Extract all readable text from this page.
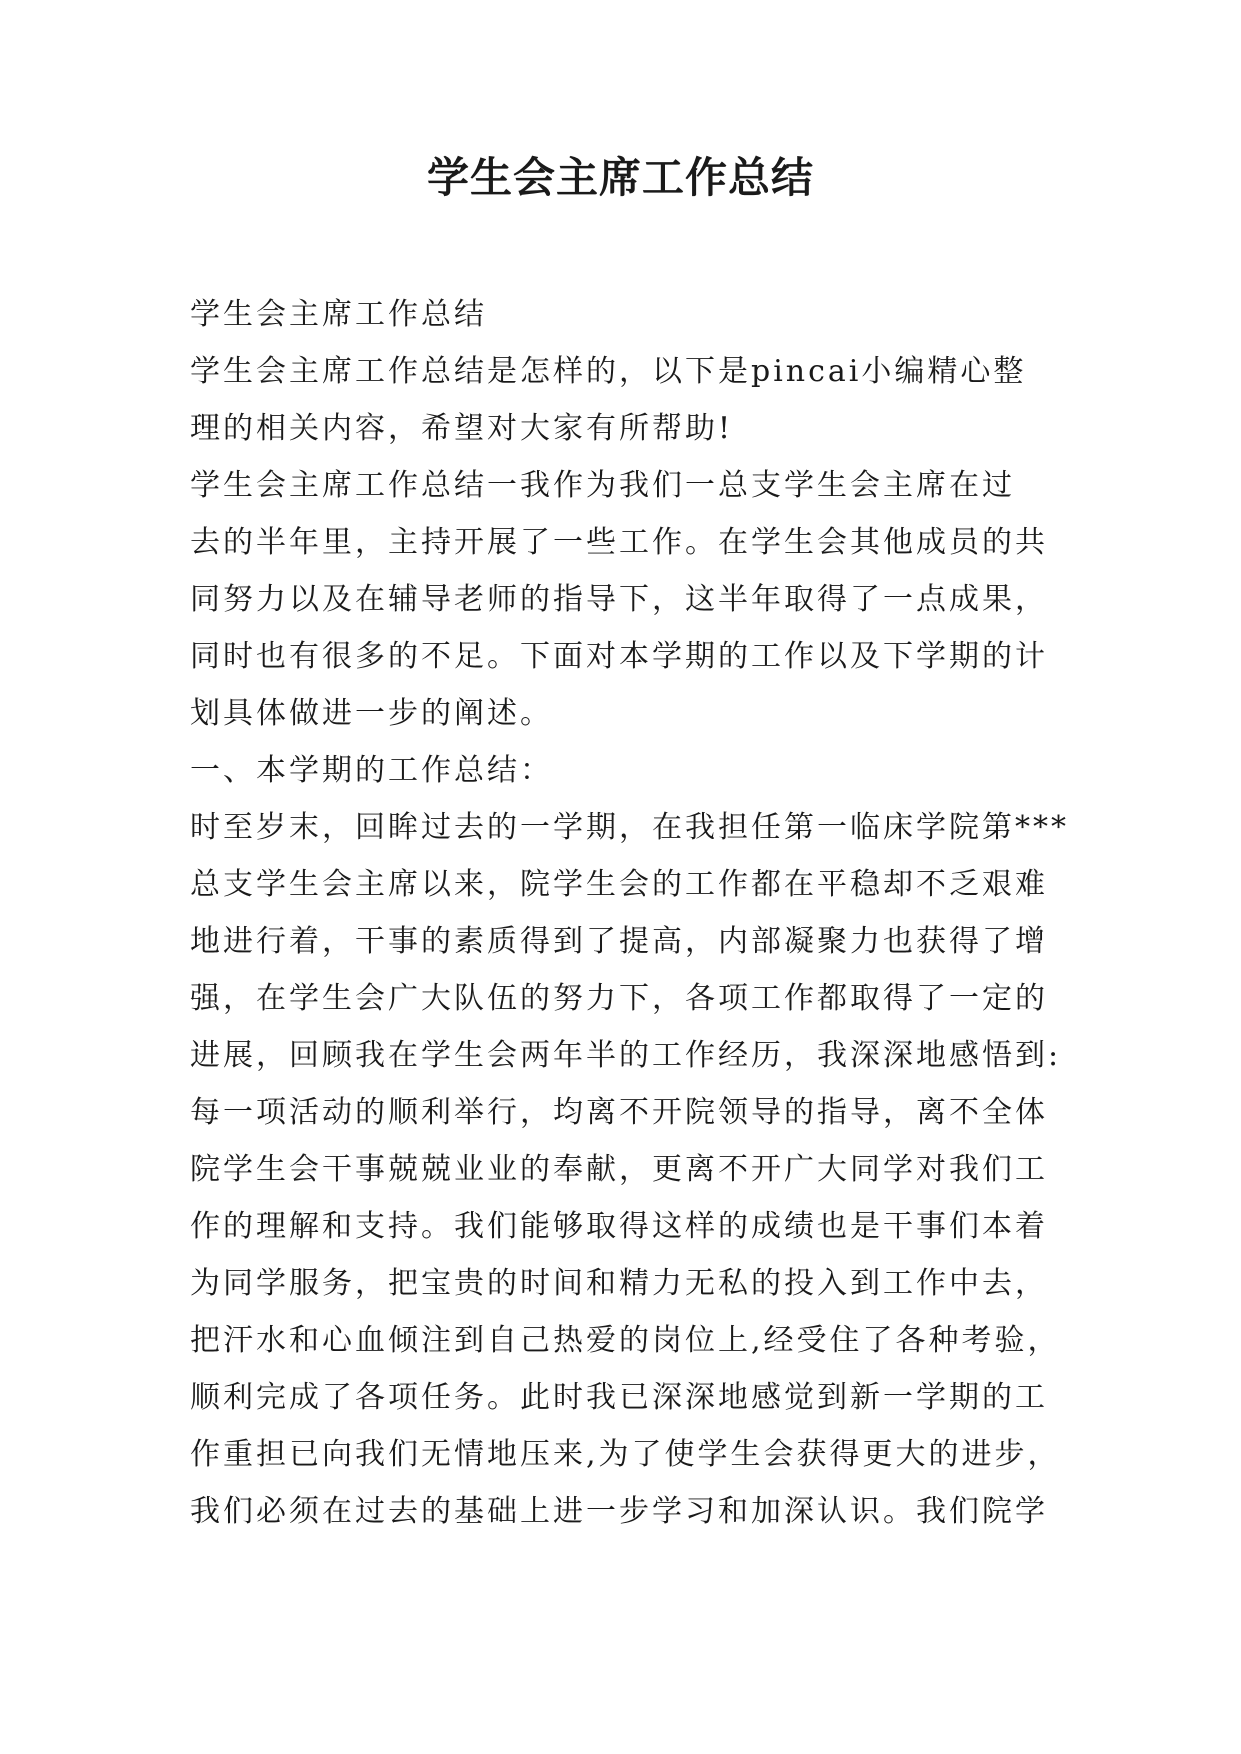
学生会主席工作总结
学生会主席工作总结
学生会主席工作总结是怎样的，以下是pincai小编精心整
理的相关内容，希望对大家有所帮助!
学生会主席工作总结一我作为我们一总支学生会主席在过
去的半年里，主持开展了一些工作。在学生会其他成员的共
同努力以及在辅导老师的指导下，这半年取得了一点成果，
同时也有很多的不足。下面对本学期的工作以及下学期的计
划具体做进一步的阐述。
一、本学期的工作总结：
时至岁末，回眸过去的一学期，在我担任第一临床学院第***
总支学生会主席以来，院学生会的工作都在平稳却不乏艰难
地进行着，干事的素质得到了提高，内部凝聚力也获得了增
强，在学生会广大队伍的努力下，各项工作都取得了一定的
进展，回顾我在学生会两年半的工作经历，我深深地感悟到:
每一项活动的顺利举行，均离不开院领导的指导，离不全体
院学生会干事兢兢业业的奉献，更离不开广大同学对我们工
作的理解和支持。我们能够取得这样的成绩也是干事们本着
为同学服务，把宝贵的时间和精力无私的投入到工作中去，
把汗水和心血倾注到自己热爱的岗位上,经受住了各种考验，
顺利完成了各项任务。此时我已深深地感觉到新一学期的工
作重担已向我们无情地压来,为了使学生会获得更大的进步，
我们必须在过去的基础上进一步学习和加深认识。我们院学
